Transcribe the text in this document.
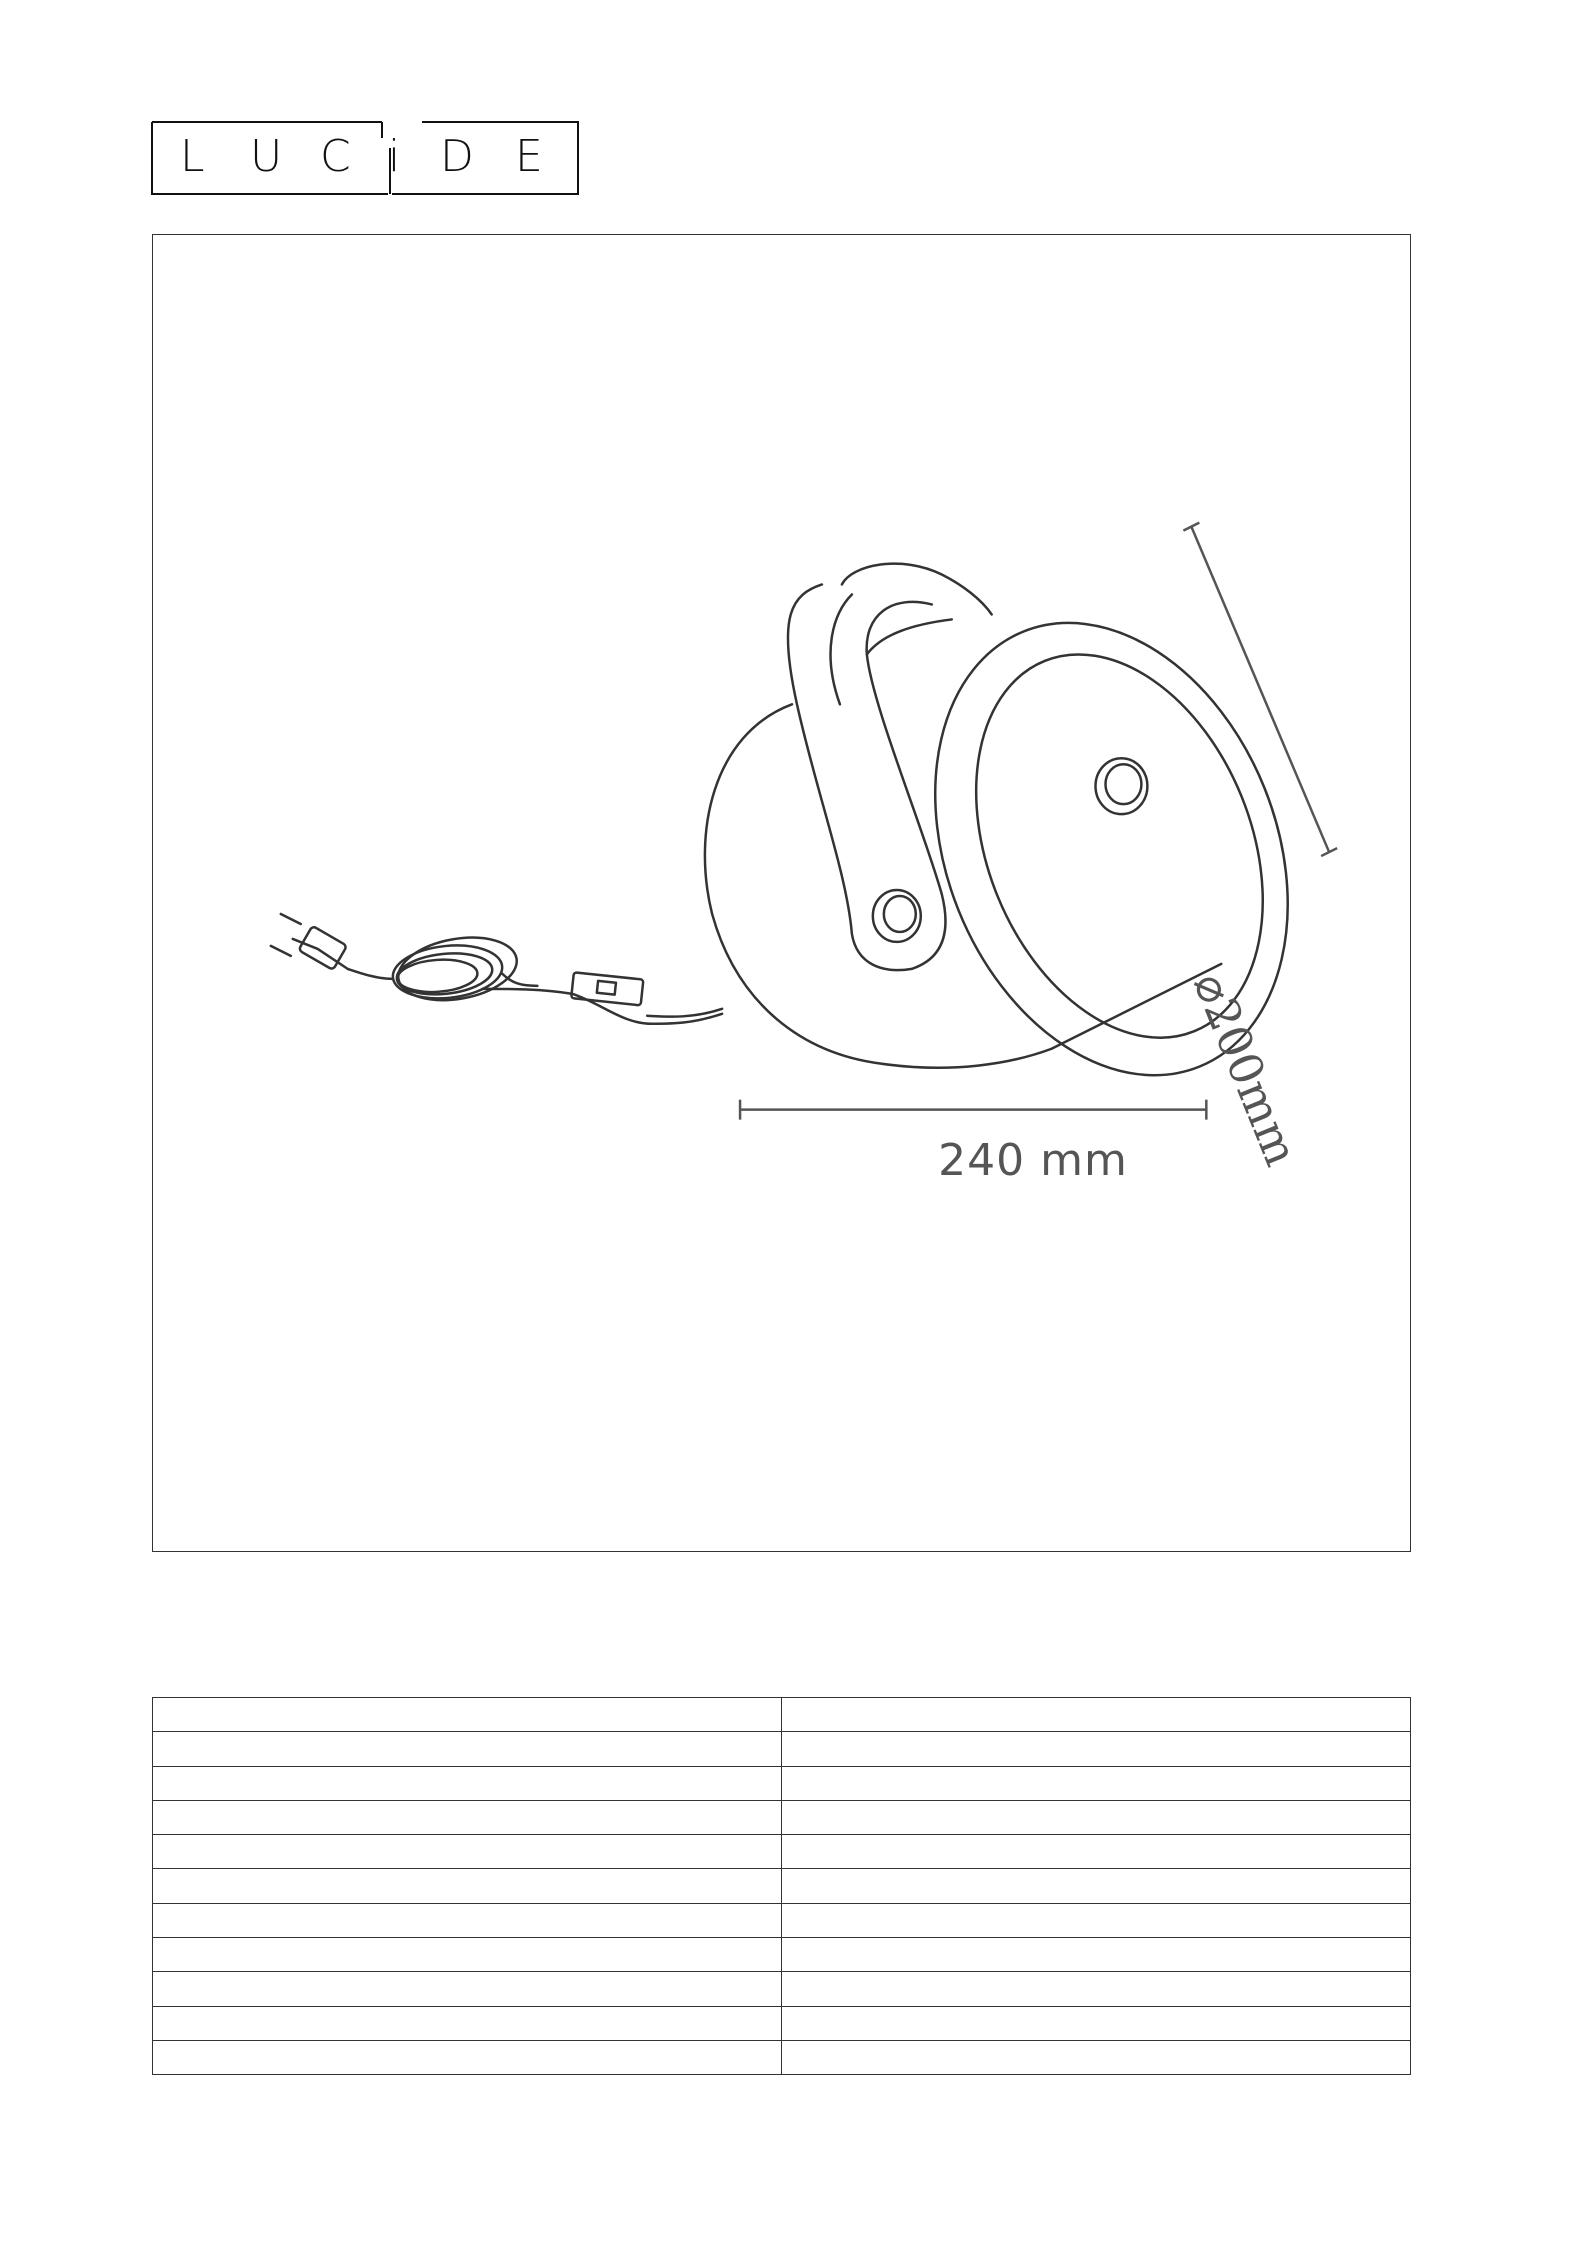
L U C i D E
240 mm	⌀200mm
